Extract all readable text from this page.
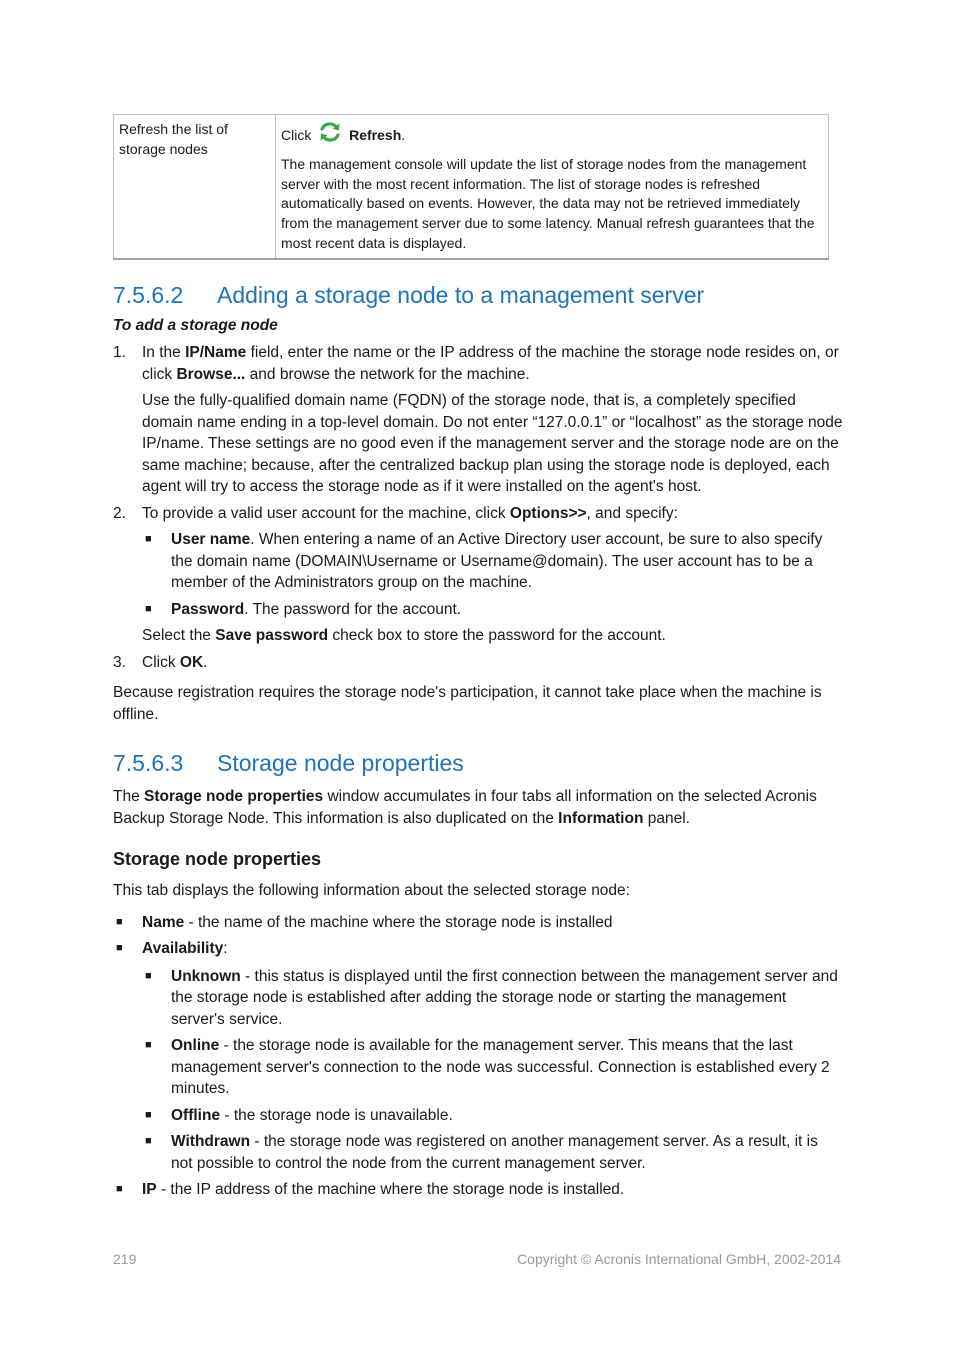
Refresh the list of storage nodes	
Click	Refresh.

The management console will update the list of storage nodes from the management server with the most recent information. The list of storage nodes is refreshed automatically based on events. However, the data may not be retrieved immediately from the management server due to some latency. Manual refresh guarantees that the most recent data is displayed.

7.5.6.2 Adding a storage node to a management server
To add a storage node
1. In the IP/Name field, enter the name or the IP address of the machine the storage node resides on, or click Browse... and browse the network for the machine.

Use the fully-qualified domain name (FQDN) of the storage node, that is, a completely specified domain name ending in a top-level domain. Do not enter “127.0.0.1” or “localhost” as the storage node IP/name. These settings are no good even if the management server and the storage node are on the same machine; because, after the centralized backup plan using the storage node is deployed, each agent will try to access the storage node as if it were installed on the agent's host.

2. To provide a valid user account for the machine, click Options>>, and specify:

■ User name. When entering a name of an Active Directory user account, be sure to also specify the domain name (DOMAIN\Username or Username@domain). The user account has to be a member of the Administrators group on the machine.
■ Password. The password for the account.

Select the Save password check box to store the password for the account.

3. Click OK.

Because registration requires the storage node's participation, it cannot take place when the machine is offline.

7.5.6.3 Storage node properties

The Storage node properties window accumulates in four tabs all information on the selected Acronis Backup Storage Node. This information is also duplicated on the Information panel.

Storage node properties

This tab displays the following information about the selected storage node:

■ Name - the name of the machine where the storage node is installed
■ Availability:
■ Unknown - this status is displayed until the first connection between the management server and the storage node is established after adding the storage node or starting the management server's service.
■ Online - the storage node is available for the management server. This means that the last management server's connection to the node was successful. Connection is established every 2 minutes.
■ Offline - the storage node is unavailable.
■ Withdrawn - the storage node was registered on another management server. As a result, it is not possible to control the node from the current management server.
■ IP - the IP address of the machine where the storage node is installed.
219	Copyright © Acronis International GmbH, 2002-2014
